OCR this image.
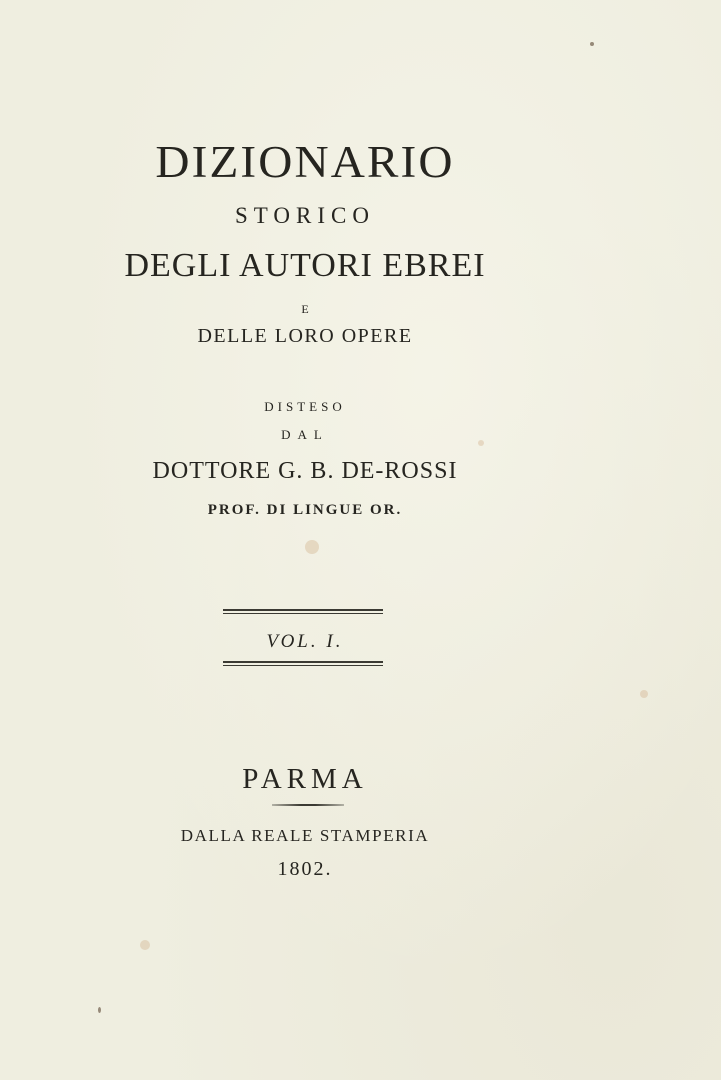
DIZIONARIO
STORICO
DEGLI AUTORI EBREI
E
DELLE LORO OPERE
DISTESO
DAL
DOTTORE G. B. DE-ROSSI
PROF. DI LINGUE OR.
VOL. I.
PARMA
DALLA REALE STAMPERIA
1802.
